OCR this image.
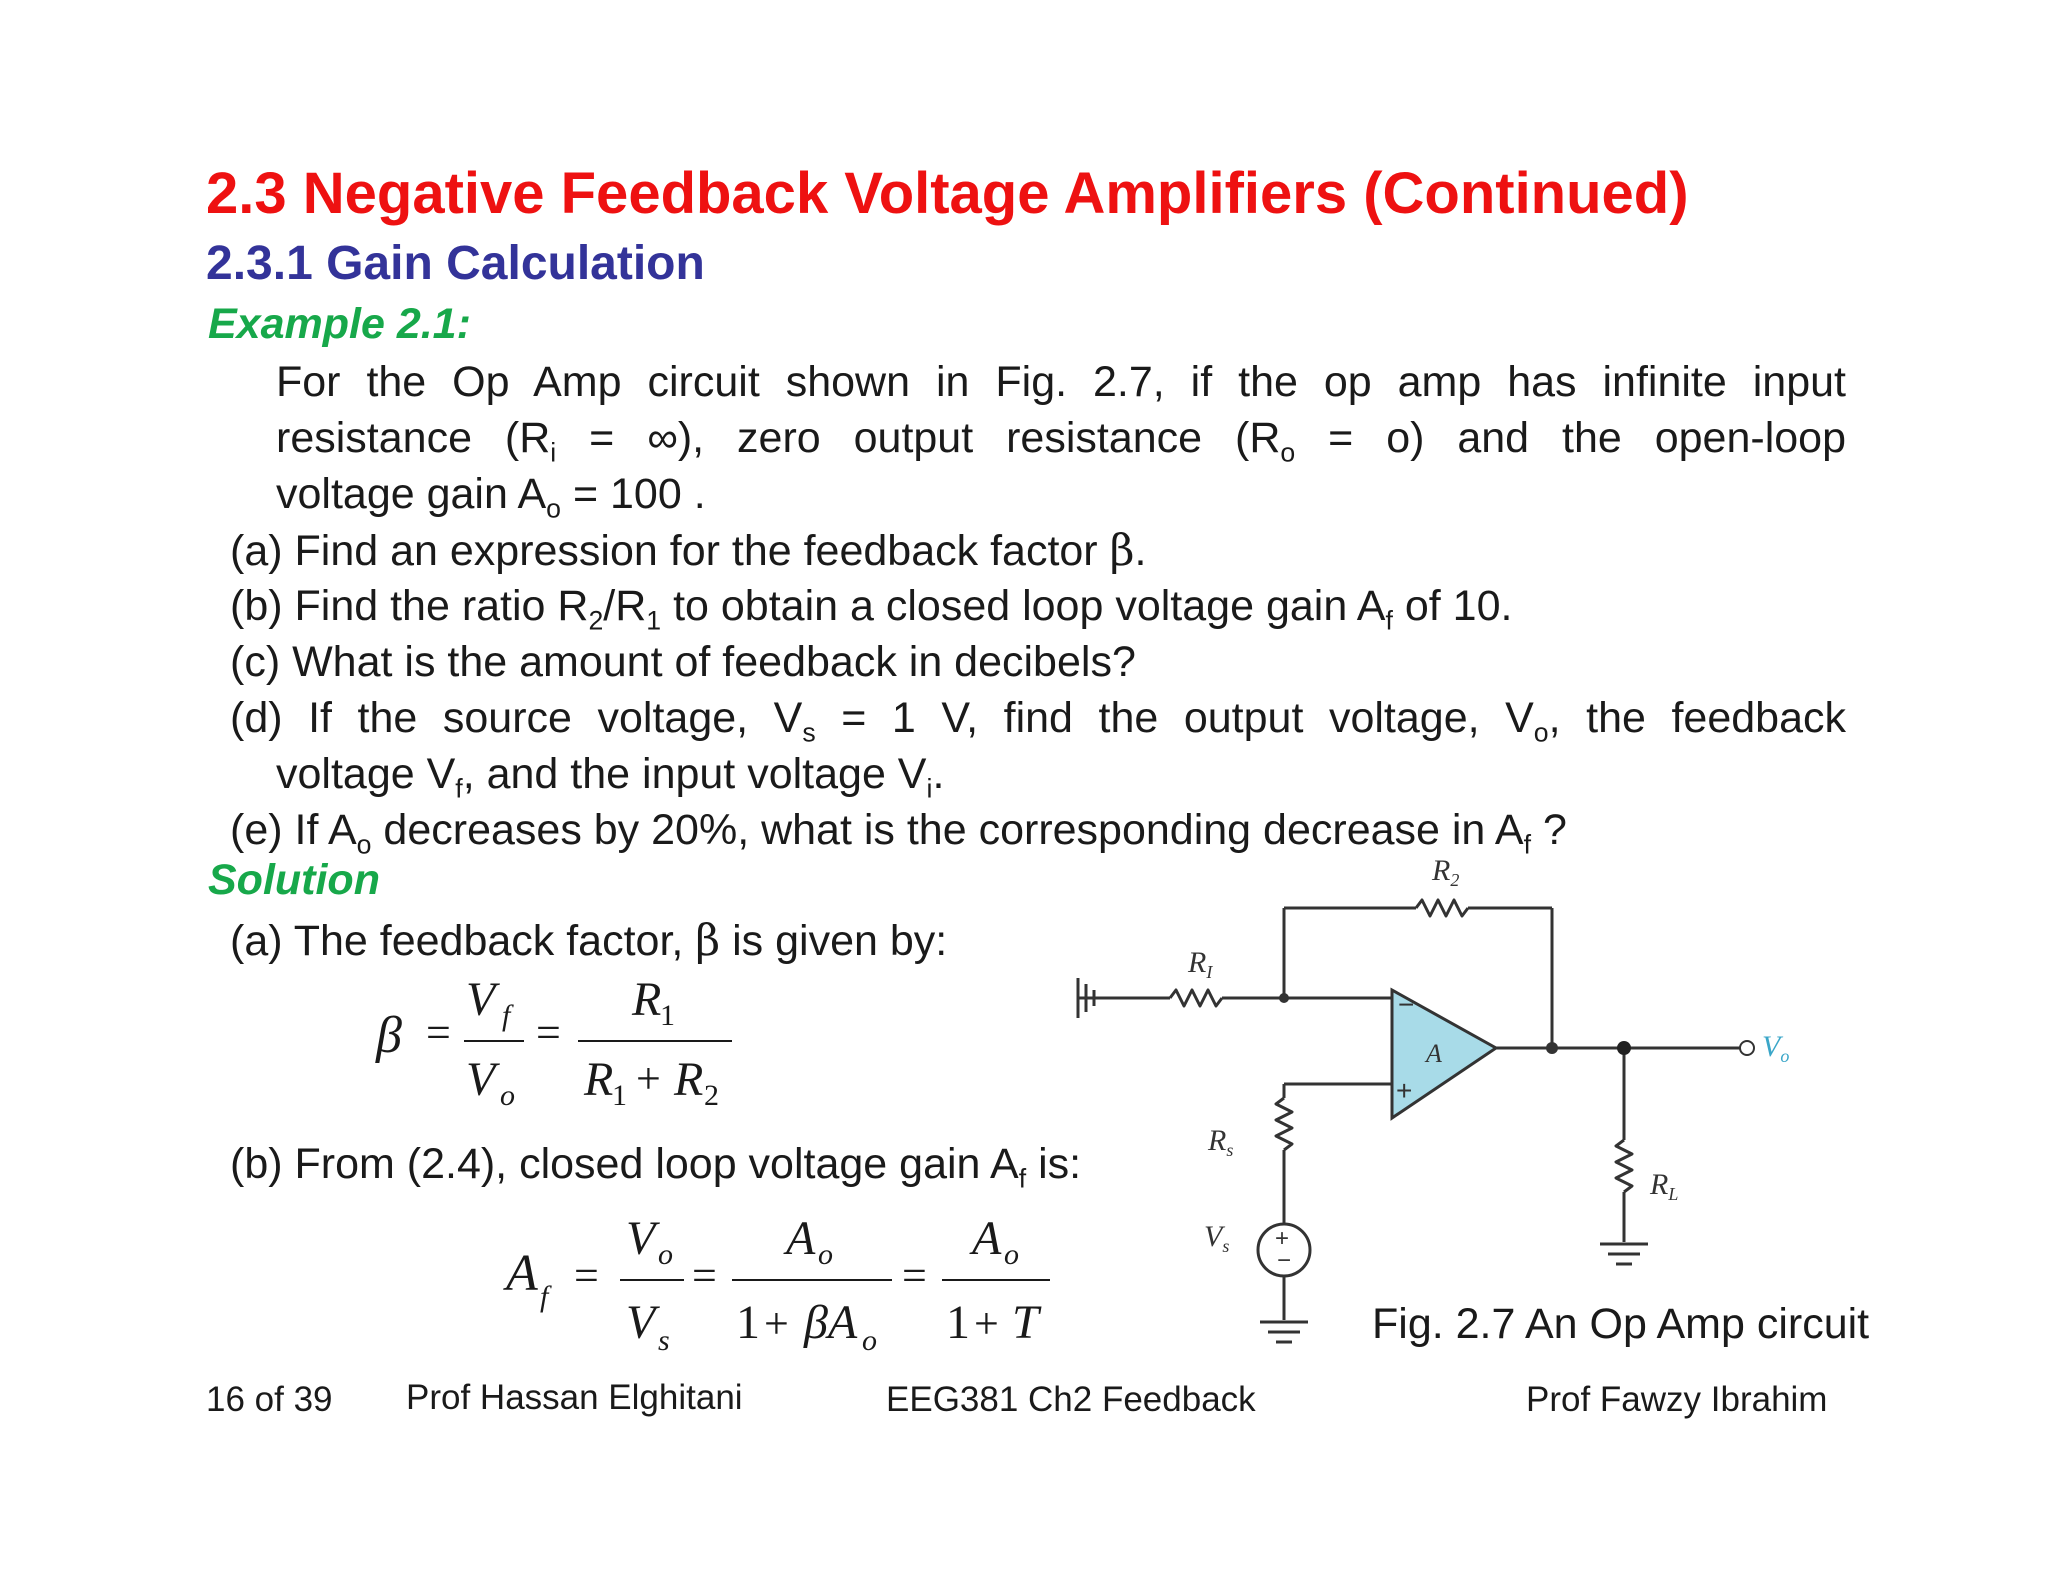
2.3 Negative Feedback Voltage Amplifiers (Continued)
2.3.1 Gain Calculation
Example 2.1:
For the Op Amp circuit shown in Fig. 2.7, if the op amp has infinite input
resistance ($R_i$ = ∞), zero output resistance $(R_o = o)$ and the open-loop
voltage gain $A_o = 100$ .
(a) Find an expression for the feedback factor β.
(b) Find the ratio $R_2/R_1$ to obtain a closed loop voltage gain $A_f$ of 10.
(c) What is the amount of feedback in decibels?
(d) If the source voltage, $V_s = 1$ V, find the output voltage, $V_o$, the feedback
voltage $V_f$, and the input voltage $V_i$.
(e) If $A_o$ decreases by 20%, what is the corresponding decrease in $A_f$ ?
Solution
(a) The feedback factor, β is given by:
(b) From (2.4), closed loop voltage gain $A_f$ is:
β =
V f
V o
=
R
1
R
1 + R 2
A f =
V o
V s
=
A o
1 + βA o
=
A o
1 + T
$R_2$
$R_I$
$R_s$
$V_s$
$R_L$
$V_o$
A
−
+
+
−
Fig. 2.7 An Op Amp circuit
16 of 39 Prof Hassan Elghitani	EEG381 Ch2 Feedback	Prof Fawzy Ibrahim
